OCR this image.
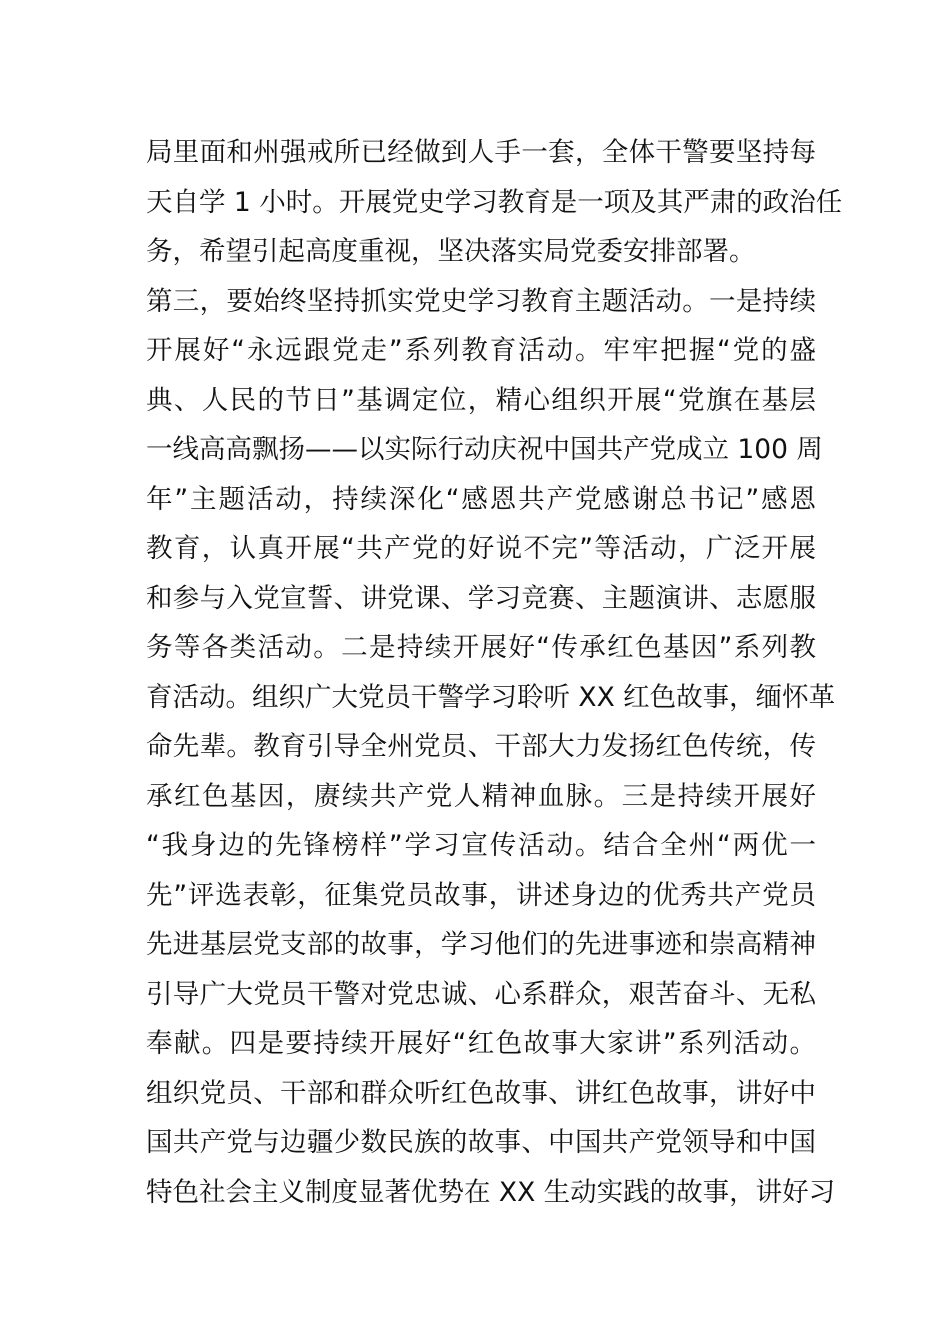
局里面和州强戒所已经做到人手一套，全体干警要坚持每
天自学 1 小时。开展党史学习教育是一项及其严肃的政治任
务，希望引起高度重视，坚决落实局党委安排部署。
第三，要始终坚持抓实党史学习教育主题活动。一是持续
开展好“永远跟党走”系列教育活动。牢牢把握“党的盛
典、人民的节日”基调定位，精心组织开展“党旗在基层
一线高高飘扬——以实际行动庆祝中国共产党成立 100 周
年”主题活动，持续深化“感恩共产党感谢总书记”感恩
教育，认真开展“共产党的好说不完”等活动，广泛开展
和参与入党宣誓、讲党课、学习竞赛、主题演讲、志愿服
务等各类活动。二是持续开展好“传承红色基因”系列教
育活动。组织广大党员干警学习聆听 XX 红色故事，缅怀革
命先辈。教育引导全州党员、干部大力发扬红色传统，传
承红色基因，赓续共产党人精神血脉。三是持续开展好
“我身边的先锋榜样”学习宣传活动。结合全州“两优一
先”评选表彰，征集党员故事，讲述身边的优秀共产党员
先进基层党支部的故事，学习他们的先进事迹和崇高精神
引导广大党员干警对党忠诚、心系群众，艰苦奋斗、无私
奉献。四是要持续开展好“红色故事大家讲”系列活动。
组织党员、干部和群众听红色故事、讲红色故事，讲好中
国共产党与边疆少数民族的故事、中国共产党领导和中国
特色社会主义制度显著优势在 XX 生动实践的故事，讲好习
